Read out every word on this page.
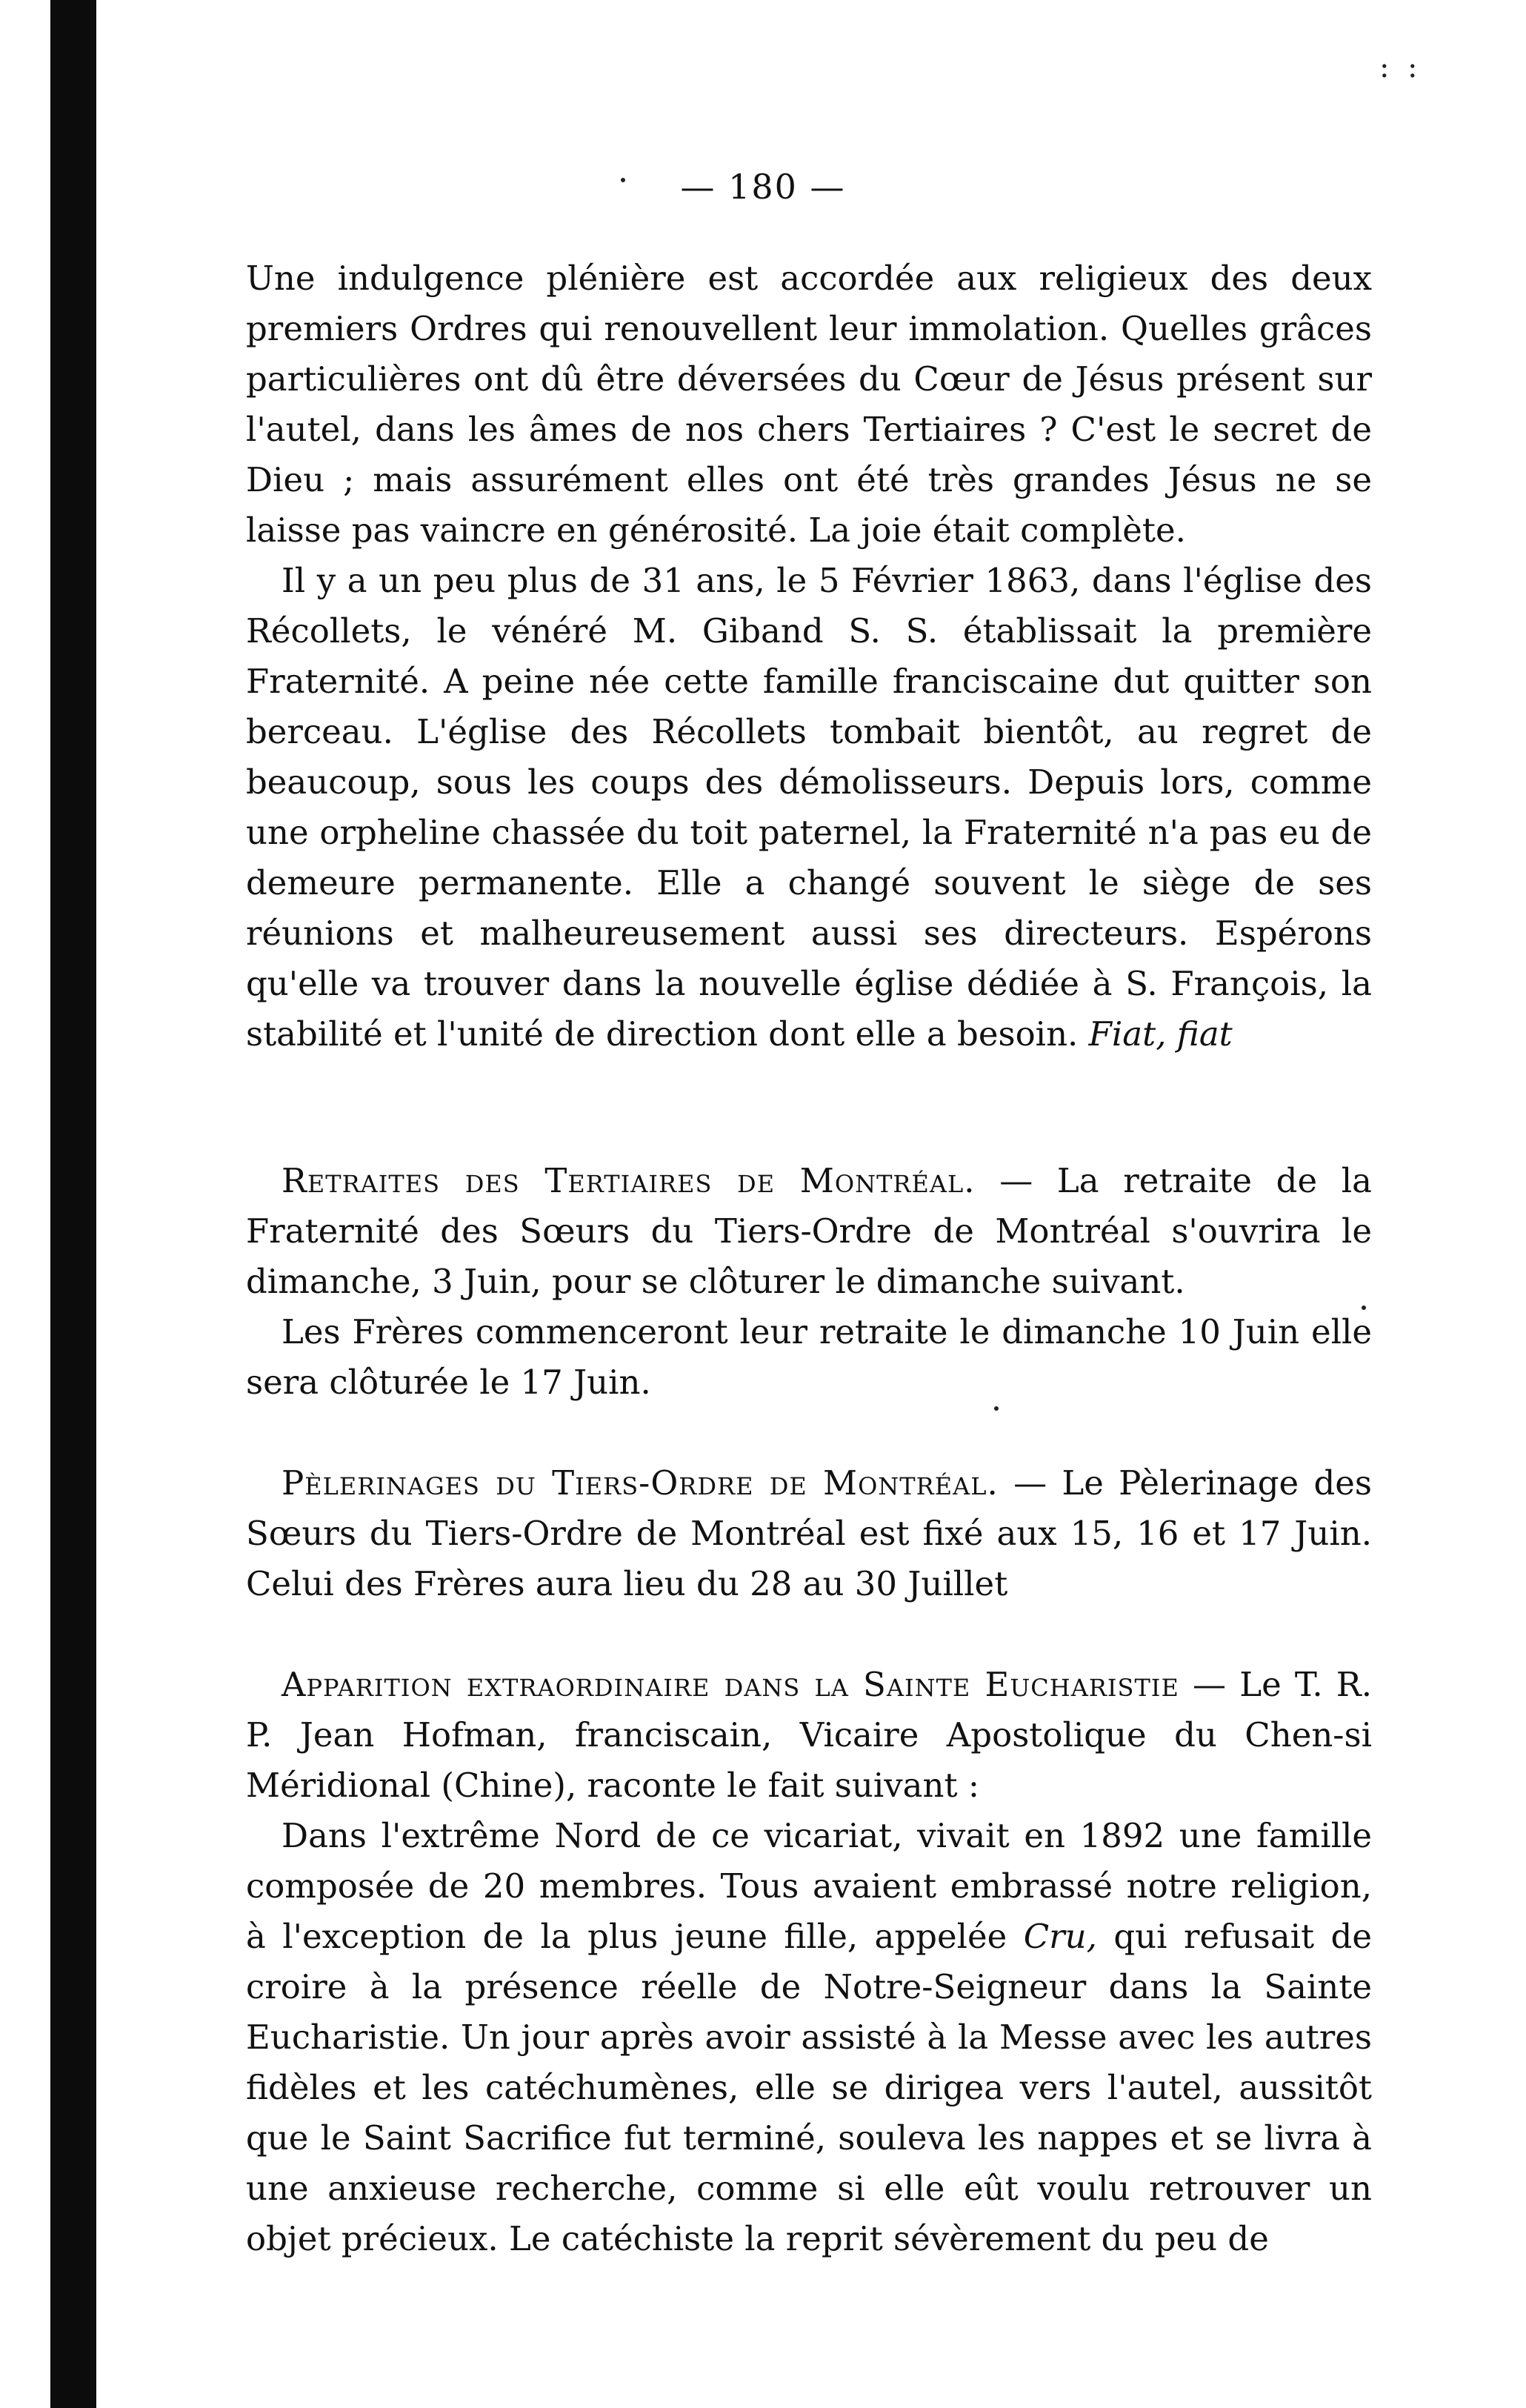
: :
— 180 —

Une indulgence plénière est accordée aux religieux des deux premiers Ordres qui renouvellent leur immolation. Quelles grâces particulières ont dû être déversées du Cœur de Jésus présent sur l'autel, dans les âmes de nos chers Tertiaires ? C'est le secret de Dieu ; mais assurément elles ont été très grandes Jésus ne se laisse pas vaincre en générosité. La joie était complète.

Il y a un peu plus de 31 ans, le 5 Février 1863, dans l'église des Récollets, le vénéré M. Giband S. S. établissait la première Fraternité. A peine née cette famille franciscaine dut quitter son berceau. L'église des Récollets tombait bientôt, au regret de beaucoup, sous les coups des démolisseurs. Depuis lors, comme une orpheline chassée du toit paternel, la Fraternité n'a pas eu de demeure permanente. Elle a changé souvent le siège de ses réunions et malheureusement aussi ses directeurs. Espérons qu'elle va trouver dans la nouvelle église dédiée à S. François, la stabilité et l'unité de direction dont elle a besoin. Fiat, fiat

Retraites des Tertiaires de Montréal. — La retraite de la Fraternité des Sœurs du Tiers-Ordre de Montréal s'ouvrira le dimanche, 3 Juin, pour se clôturer le dimanche suivant.

Les Frères commenceront leur retraite le dimanche 10 Juin elle sera clôturée le 17 Juin.

Pèlerinages du Tiers-Ordre de Montréal. — Le Pèlerinage des Sœurs du Tiers-Ordre de Montréal est fixé aux 15, 16 et 17 Juin. Celui des Frères aura lieu du 28 au 30 Juillet

Apparition extraordinaire dans la Sainte Eucharistie — Le T. R. P. Jean Hofman, franciscain, Vicaire Apostolique du Chen-si Méridional (Chine), raconte le fait suivant :

Dans l'extrême Nord de ce vicariat, vivait en 1892 une famille composée de 20 membres. Tous avaient embrassé notre religion, à l'exception de la plus jeune fille, appelée Cru, qui refusait de croire à la présence réelle de Notre-Seigneur dans la Sainte Eucharistie. Un jour après avoir assisté à la Messe avec les autres fidèles et les catéchumènes, elle se dirigea vers l'autel, aussitôt que le Saint Sacrifice fut terminé, souleva les nappes et se livra à une anxieuse recherche, comme si elle eût voulu retrouver un objet précieux. Le catéchiste la reprit sévèrement du peu de
